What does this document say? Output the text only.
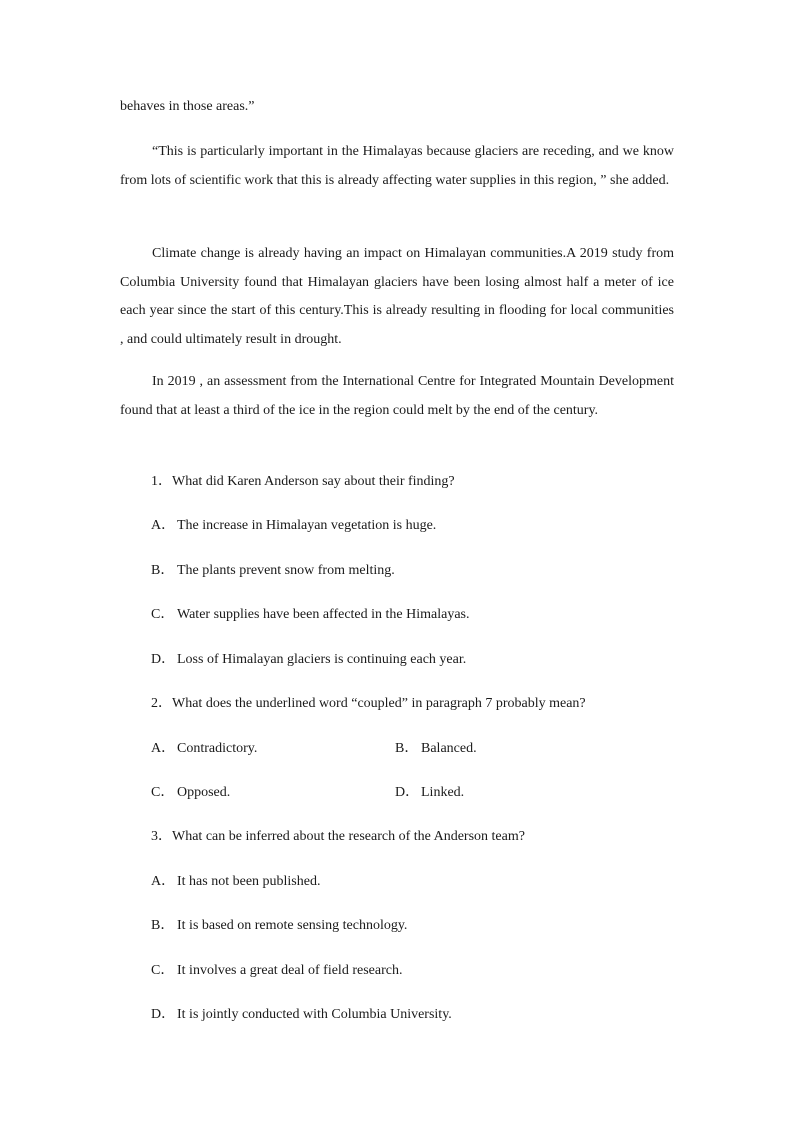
behaves in those areas.”

“This is particularly important in the Himalayas because glaciers are receding, and we know from lots of scientific work that this is already affecting water supplies in this region, ” she added.

Climate change is already having an impact on Himalayan communities.A 2019 study from Columbia University found that Himalayan glaciers have been losing almost half a meter of ice each year since the start of this century.This is already resulting in flooding for local communities , and could ultimately result in drought.

In 2019 , an assessment from the International Centre for Integrated Mountain Development found that at least a third of the ice in the region could melt by the end of the century.

1．What did Karen Anderson say about their finding?

A． The increase in Himalayan vegetation is huge.

B． The plants prevent snow from melting.

C． Water supplies have been affected in the Himalayas.

D． Loss of Himalayan glaciers is continuing each year.

2．What does the underlined word “coupled” in paragraph 7 probably mean?

A． Contradictory.	B． Balanced.

C． Opposed.	D． Linked.

3．What can be inferred about the research of the Anderson team?

A． It has not been published.

B． It is based on remote sensing technology.

C． It involves a great deal of field research.

D． It is jointly conducted with Columbia University.
